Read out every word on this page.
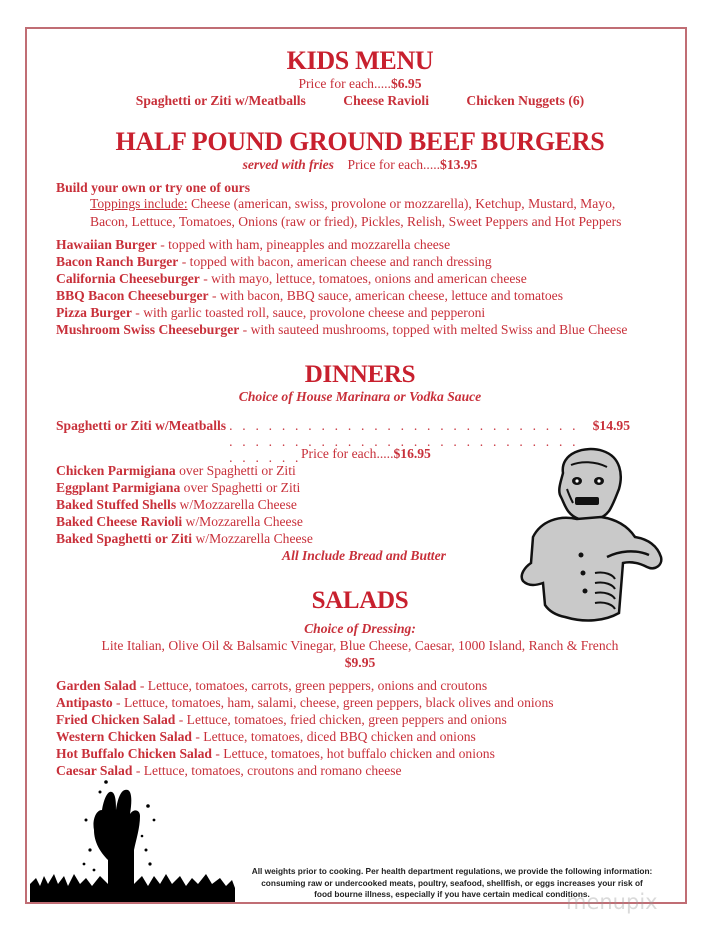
KIDS MENU
Price for each.....$6.95
Spaghetti or Ziti w/Meatballs	Cheese Ravioli	Chicken Nuggets (6)
HALF POUND GROUND BEEF BURGERS
served with fries Price for each.....$13.95
Build your own or try one of ours
Toppings include: Cheese (american, swiss, provolone or mozzarella), Ketchup, Mustard, Mayo,
Bacon, Lettuce, Tomatoes, Onions (raw or fried), Pickles, Relish, Sweet Peppers and Hot Peppers
Hawaiian Burger - topped with ham, pineapples and mozzarella cheese
Bacon Ranch Burger - topped with bacon, american cheese and ranch dressing
California Cheeseburger - with mayo, lettuce, tomatoes, onions and american cheese
BBQ Bacon Cheeseburger - with bacon, BBQ sauce, american cheese, lettuce and tomatoes
Pizza Burger - with garlic toasted roll, sauce, provolone cheese and pepperoni
Mushroom Swiss Cheeseburger - with sauteed mushrooms, topped with melted Swiss and Blue Cheese
DINNERS
Choice of House Marinara or Vodka Sauce
Spaghetti or Ziti w/Meatballs . . . . . . . . . . . . . . . . . . . . . . . . . . . . . . . . . . . . . . . . . . . . . . . . . . . . . . . . . . . .
$14.95
Price for each.....$16.95
Chicken Parmigiana over Spaghetti or Ziti
Eggplant Parmigiana over Spaghetti or Ziti
Baked Stuffed Shells w/Mozzarella Cheese
Baked Cheese Ravioli w/Mozzarella Cheese
Baked Spaghetti or Ziti w/Mozzarella Cheese
All Include Bread and Butter
SALADS
Choice of Dressing:
Lite Italian, Olive Oil & Balsamic Vinegar, Blue Cheese, Caesar, 1000 Island, Ranch & French
$9.95
Garden Salad - Lettuce, tomatoes, carrots, green peppers, onions and croutons
Antipasto - Lettuce, tomatoes, ham, salami, cheese, green peppers, black olives and onions
Fried Chicken Salad - Lettuce, tomatoes, fried chicken, green peppers and onions
Western Chicken Salad - Lettuce, tomatoes, diced BBQ chicken and onions
Hot Buffalo Chicken Salad - Lettuce, tomatoes, hot buffalo chicken and onions
Caesar Salad - Lettuce, tomatoes, croutons and romano cheese
All weights prior to cooking. Per health department regulations, we provide the following information:
consuming raw or undercooked meats, poultry, seafood, shellfish, or eggs increases your risk of
food bourne illness, especially if you have certain medical conditions.
menupix
